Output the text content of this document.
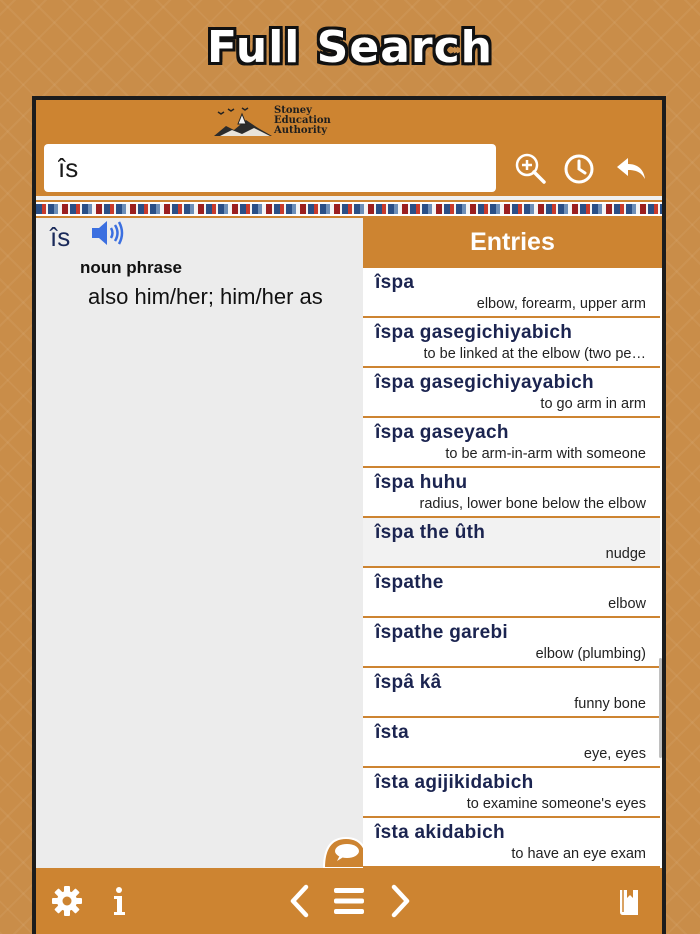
Full Search
Stoney
Education
Authority
îs
îs
noun phrase
also him/her; him/her as
Entries
îspa
elbow, forearm, upper arm
îspa gasegichiyabich
to be linked at the elbow (two pe…
îspa gasegichiyayabich
to go arm in arm
îspa gaseyach
to be arm-in-arm with someone
îspa huhu
radius, lower bone below the elbow
îspa the ûth
nudge
îspathe
elbow
îspathe garebi
elbow (plumbing)
îspâ kâ
funny bone
îsta
eye, eyes
îsta agijikidabich
to examine someone's eyes
îsta akidabich
to have an eye exam
